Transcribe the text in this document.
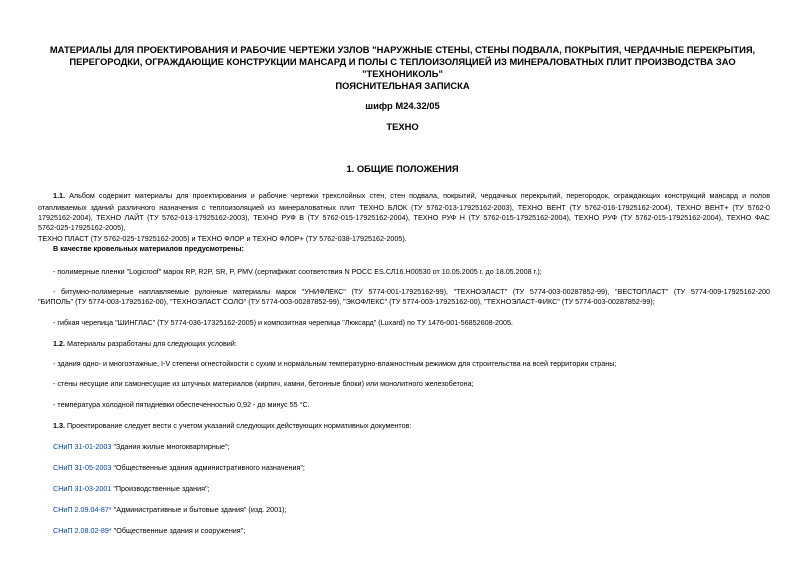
МАТЕРИАЛЫ ДЛЯ ПРОЕКТИРОВАНИЯ И РАБОЧИЕ ЧЕРТЕЖИ УЗЛОВ "НАРУЖНЫЕ СТЕНЫ, СТЕНЫ ПОДВАЛА, ПОКРЫТИЯ, ЧЕРДАЧНЫЕ ПЕРЕКРЫТИЯ,
ПЕРЕГОРОДКИ, ОГРАЖДАЮЩИЕ КОНСТРУКЦИИ МАНСАРД И ПОЛЫ С ТЕПЛОИЗОЛЯЦИЕЙ ИЗ МИНЕРАЛОВАТНЫХ ПЛИТ ПРОИЗВОДСТВА ЗАО "ТЕХНОНИКОЛЬ"
ПОЯСНИТЕЛЬНАЯ ЗАПИСКА
шифр М24.32/05
ТЕХНО
1. ОБЩИЕ ПОЛОЖЕНИЯ
1.1. Альбом содержит материалы для проектирования и рабочие чертежи трехслойных стен, стен подвала, покрытий, чердачных перекрытий, перегородок, ограждающих конструкций мансард и полов
отапливаемых зданий различного назначения с теплоизоляцией из минераловатных плит ТЕХНО БЛОК (ТУ 5762-013-17925162-2003), ТЕХНО ВЕНТ (ТУ 5762-016-17925162-2004), ТЕХНО ВЕНТ+ (ТУ 5762-0
17925162-2004), ТЕХНО ЛАЙТ (ТУ 5762-013-17925162-2003), ТЕХНО РУФ В (ТУ 5762-015-17925162-2004), ТЕХНО РУФ Н (ТУ 5762-015-17925162-2004), ТЕХНО РУФ (ТУ 5762-015-17925162-2004), ТЕХНО ФАС
5762-025-17925162-2005),
ТЕХНО ПЛАСТ (ТУ 5762-025-17925162-2005) и ТЕХНО ФЛОР и ТЕХНО ФЛОР+ (ТУ 5762-038-17925162-2005).
В качестве кровельных материалов предусмотрены:
- полимерные пленки "Logicroof" марок RP, R2P, SR, P, PMV (сертификат соответствия N РОСС ES.СЛ16.Н00530 от 10.05.2005 г. до 18.05.2008 г.);
- битумно-полимерные наплавляемые рулонные материалы марок "УНИФЛЕКС" (ТУ 5774-001-17925162-99), "ТЕХНОЭЛАСТ" (ТУ 5774-003-00287852-99), "ВЕСТОПЛАСТ" (ТУ 5774-009-17925162-200
"БИПОЛЬ" (ТУ 5774-003-17925162-00), "ТЕХНОЭЛАСТ СОЛО" (ТУ 5774-003-00287852-99), "ЭКОФЛЕКС" (ТУ 5774-003-17925162-00), "ТЕХНОЭЛАСТ-ФИКС" (ТУ 5774-003-00287852-99);
- гибкая черепица "ШИНГЛАС" (ТУ 5774-036-17325162-2005) и композитная черепица "Люксард" (Luxard) по ТУ 1476-001-56852608-2005.
1.2. Материалы разработаны для следующих условий:
- здания одно- и многоэтажные, I-V степени огнестойкости с сухим и нормальным температурно-влажностным режимом для строительства на всей территории страны;
- стены несущие или самонесущие из штучных материалов (кирпич, камни, бетонные блоки) или монолитного железобетона;
- температура холодной пятидневки обеспеченностью 0,92 - до минус 55 °С.
1.3. Проектирование следует вести с учетом указаний следующих действующих нормативных документов:
СНиП 31-01-2003 "Здания жилые многоквартирные";
СНиП 31-05-2003 "Общественные здания административного назначения";
СНиП 31-03-2001 "Производственные здания";
СНиП 2.09.04-87* "Административные и бытовые здания" (изд. 2001);
СНиП 2.08.02-89* "Общественные здания и сооружения";
